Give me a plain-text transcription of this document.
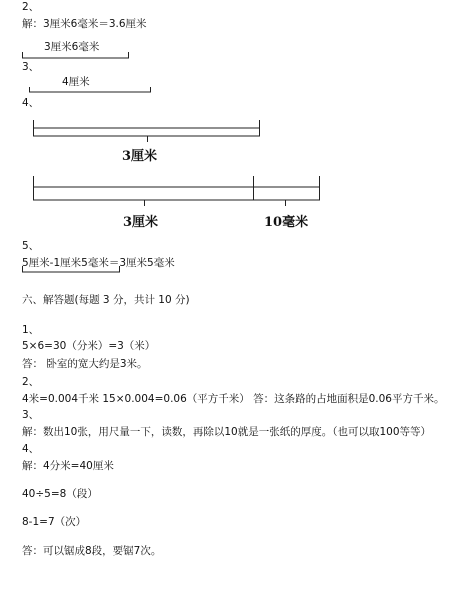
2、
解：3厘米6毫米＝3.6厘米
3厘米6毫米
3、
4厘米
4、
3厘米
3厘米	10毫米
5、
5厘米-1厘米5毫米＝3厘米5毫米
六、解答题(每题 3 分，共计 10 分)
1、
5×6=30（分米）=3（米）
答： 卧室的宽大约是3米。
2、
4米=0.004千米 15×0.004=0.06（平方千米） 答：这条路的占地面积是0.06平方千米。
3、
解：数出10张，用尺量一下，读数，再除以10就是一张纸的厚度。（也可以取100等等）
4、
解：4分米=40厘米
40÷5=8（段）
8-1=7（次）
答：可以锯成8段，要锯7次。
